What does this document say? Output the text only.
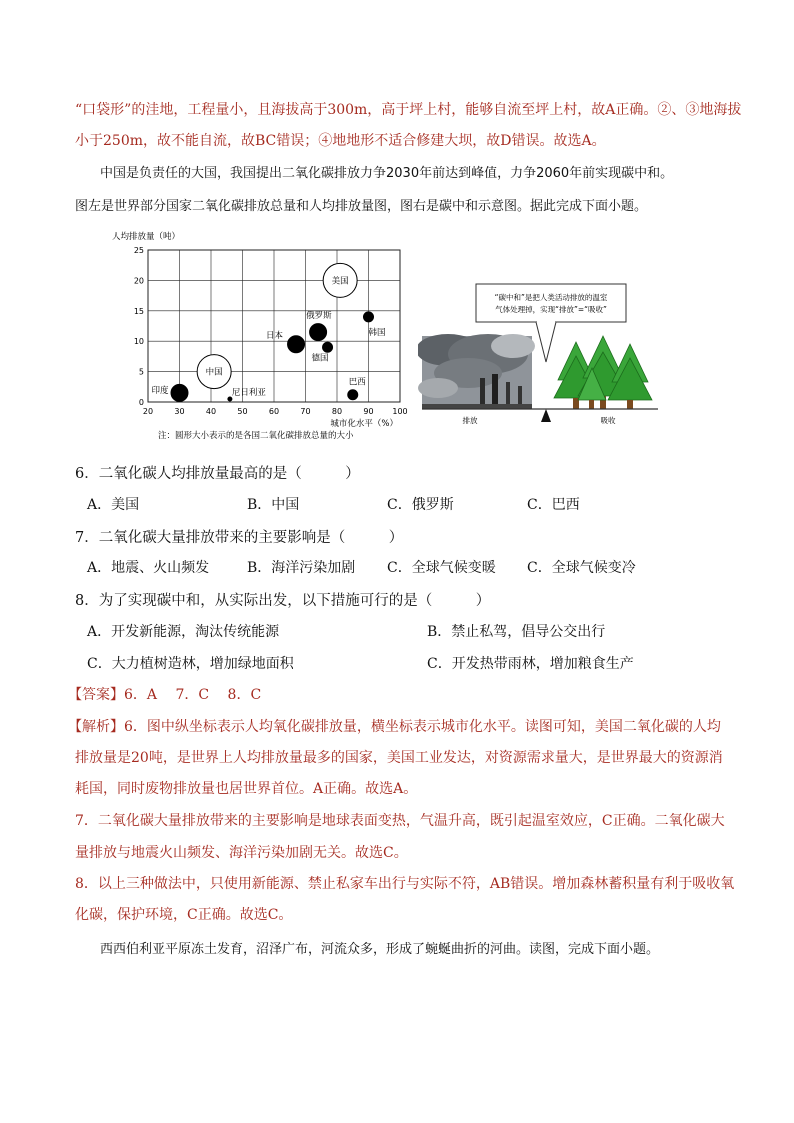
“口袋形”的洼地，工程量小，且海拔高于300m，高于坪上村，能够自流至坪上村，故A正确。②、③地海拔
小于250m，故不能自流，故BC错误；④地地形不适合修建大坝，故D错误。故选A。
中国是负责任的大国，我国提出二氧化碳排放力争2030年前达到峰值，力争2060年前实现碳中和。
图左是世界部分国家二氧化碳排放总量和人均排放量图，图右是碳中和示意图。据此完成下面小题。
20	30	40	50	60	70	80	90 100
0
5
10
15
20
25
人均排放量（吨）
城市化水平（%）
注：圆形大小表示的是各国二氧化碳排放总量的大小
美国
中国
印度	尼日利亚
日本
俄罗斯
德国
韩国
巴西
“碳中和”是把人类活动排放的温室
气体处理掉，实现“排放”=“吸收”
排放	吸收
6．二氧化碳人均排放量最高的是（　　　）
A．美国	B．中国	C．俄罗斯	C．巴西
7．二氧化碳大量排放带来的主要影响是（　　　）
A．地震、火山频发	B．海洋污染加剧 C．全球气候变暖 C．全球气候变冷
8．为了实现碳中和，从实际出发，以下措施可行的是（　　　）
A．开发新能源，淘汰传统能源	B．禁止私驾，倡导公交出行
C．大力植树造林，增加绿地面积	C．开发热带雨林，增加粮食生产
【答案】6．A　 7．C　 8．C
【解析】6．图中纵坐标表示人均氧化碳排放量，横坐标表示城市化水平。读图可知，美国二氧化碳的人均
排放量是20吨，是世界上人均排放量最多的国家，美国工业发达，对资源需求量大，是世界最大的资源消
耗国，同时废物排放量也居世界首位。A正确。故选A。
7．二氧化碳大量排放带来的主要影响是地球表面变热，气温升高，既引起温室效应，C正确。二氧化碳大
量排放与地震火山频发、海洋污染加剧无关。故选C。
8．以上三种做法中，只使用新能源、禁止私家车出行与实际不符，AB错误。增加森林蓄积量有利于吸收氧
化碳，保护环境，C正确。故选C。
西西伯利亚平原冻土发育，沼泽广布，河流众多，形成了蜿蜒曲折的河曲。读图，完成下面小题。
